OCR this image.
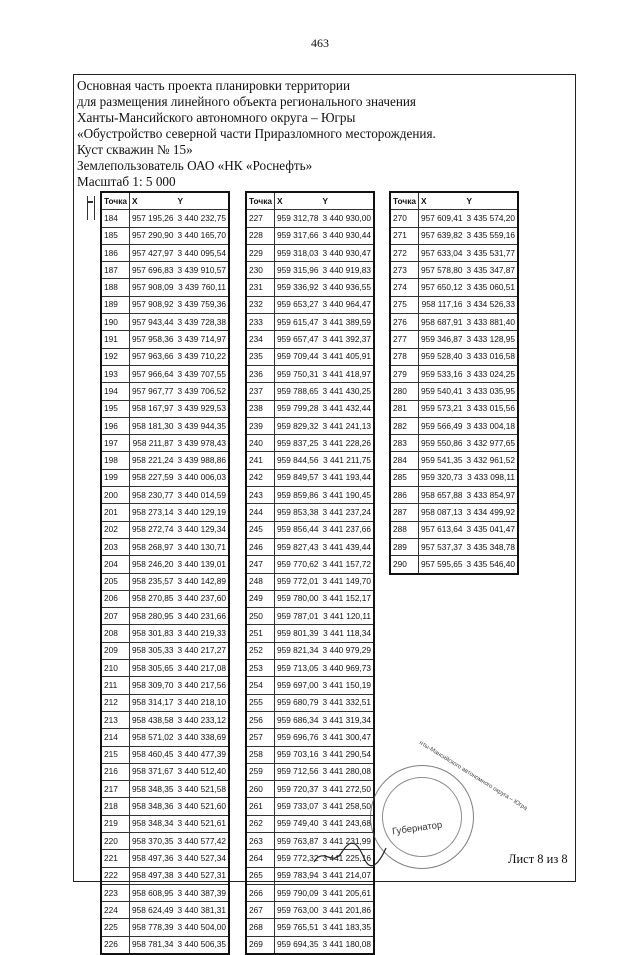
463
Основная часть проекта планировки территории
для размещения линейного объекта регионального значения
Ханты-Мансийского автономного округа – Югры
«Обустройство северной части Приразломного месторождения.
Куст скважин № 15»
Землепользователь ОАО «НК «Роснефть»
Масштаб 1: 5 000
Точка	X	Y
184	957 195,26	3 440 232,75
185	957 290,90	3 440 165,70
186	957 427,97	3 440 095,54
187	957 696,83	3 439 910,57
188	957 908,09	3 439 760,11
189	957 908,92	3 439 759,36
190	957 943,44	3 439 728,38
191	957 958,36	3 439 714,97
192	957 963,66	3 439 710,22
193	957 966,64	3 439 707,55
194	957 967,77	3 439 706,52
195	958 167,97	3 439 929,53
196	958 181,30	3 439 944,35
197	958 211,87	3 439 978,43
198	958 221,24	3 439 988,86
199	958 227,59	3 440 006,03
200	958 230,77	3 440 014,59
201	958 273,14	3 440 129,19
202	958 272,74	3 440 129,34
203	958 268,97	3 440 130,71
204	958 246,20	3 440 139,01
205	958 235,57	3 440 142,89
206	958 270,85	3 440 237,60
207	958 280,95	3 440 231,66
208	958 301,83	3 440 219,33
209	958 305,33	3 440 217,27
210	958 305,65	3 440 217,08
211	958 309,70	3 440 217,56
212	958 314,17	3 440 218,10
213	958 438,58	3 440 233,12
214	958 571,02	3 440 338,69
215	958 460,45	3 440 477,39
216	958 371,67	3 440 512,40
217	958 348,35	3 440 521,58
218	958 348,36	3 440 521,60
219	958 348,34	3 440 521,61
220	958 370,35	3 440 577,42
221	958 497,36	3 440 527,34
222	958 497,38	3 440 527,31
223	958 608,95	3 440 387,39
224	958 624,49	3 440 381,31
225	958 778,39	3 440 504,00
226	958 781,34	3 440 506,35
Точка	X	Y
227	959 312,78	3 440 930,00
228	959 317,66	3 440 930,44
229	959 318,03	3 440 930,47
230	959 315,96	3 440 919,83
231	959 336,92	3 440 936,55
232	959 653,27	3 440 964,47
233	959 615,47	3 441 389,59
234	959 657,47	3 441 392,37
235	959 709,44	3 441 405,91
236	959 750,31	3 441 418,97
237	959 788,65	3 441 430,25
238	959 799,28	3 441 432,44
239	959 829,32	3 441 241,13
240	959 837,25	3 441 228,26
241	959 844,56	3 441 211,75
242	959 849,57	3 441 193,44
243	959 859,86	3 441 190,45
244	959 853,38	3 441 237,24
245	959 856,44	3 441 237,66
246	959 827,43	3 441 439,44
247	959 770,62	3 441 157,72
248	959 772,01	3 441 149,70
249	959 780,00	3 441 152,17
250	959 787,01	3 441 120,11
251	959 801,39	3 441 118,34
252	959 821,34	3 440 979,29
253	959 713,05	3 440 969,73
254	959 697,00	3 441 150,19
255	959 680,79	3 441 332,51
256	959 686,34	3 441 319,34
257	959 696,76	3 441 300,47
258	959 703,16	3 441 290,54
259	959 712,56	3 441 280,08
260	959 720,37	3 441 272,50
261	959 733,07	3 441 258,50
262	959 749,40	3 441 243,68
263	959 763,87	3 441 231,99
264	959 772,32	3 441 225,16
265	959 783,94	3 441 214,07
266	959 790,09	3 441 205,61
267	959 763,00	3 441 201,86
268	959 765,51	3 441 183,35
269	959 694,35	3 441 180,08
Точка	X	Y
270	957 609,41	3 435 574,20
271	957 639,82	3 435 559,16
272	957 633,04	3 435 531,77
273	957 578,80	3 435 347,87
274	957 650,12	3 435 060,51
275	958 117,16	3 434 526,33
276	958 687,91	3 433 881,40
277	959 346,87	3 433 128,95
278	959 528,40	3 433 016,58
279	959 533,16	3 433 024,25
280	959 540,41	3 433 035,95
281	959 573,21	3 433 015,56
282	959 566,49	3 433 004,18
283	959 550,86	3 432 977,65
284	959 541,35	3 432 961,52
285	959 320,73	3 433 098,11
286	958 657,88	3 433 854,97
287	958 087,13	3 434 499,92
288	957 613,64	3 435 041,47
289	957 537,37	3 435 348,78
290	957 595,65	3 435 546,40
нты-Мансийского автономного округа – Югра
Губернатор
Лист 8 из 8
